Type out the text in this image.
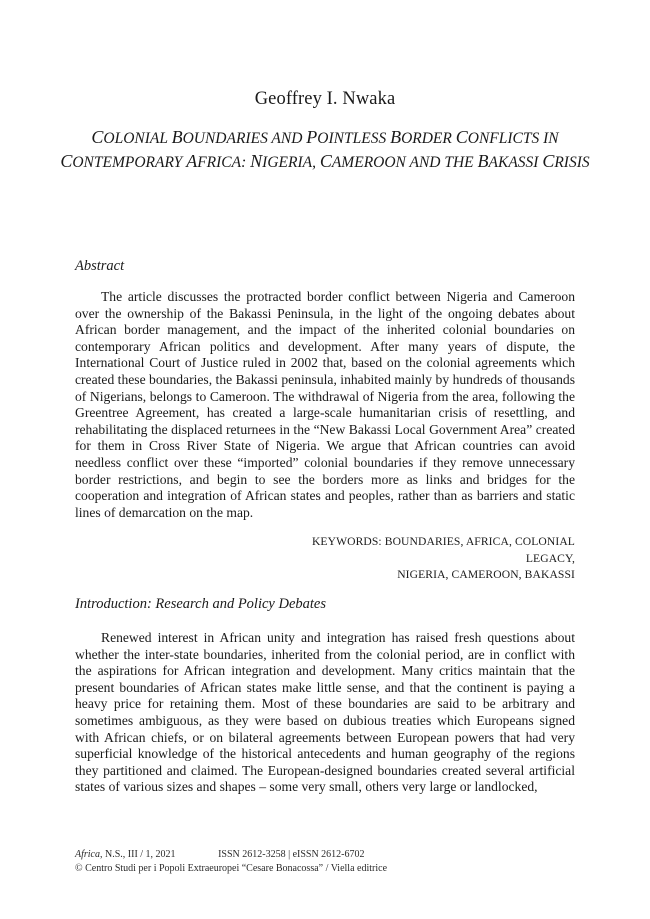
Geoffrey I. Nwaka
COLONIAL BOUNDARIES AND POINTLESS BORDER CONFLICTS IN
CONTEMPORARY AFRICA: NIGERIA, CAMEROON AND THE BAKASSI CRISIS
Abstract

The article discusses the protracted border conflict between Nigeria and Cameroon over the ownership of the Bakassi Peninsula, in the light of the ongoing debates about African border management, and the impact of the inherited colonial boundaries on contemporary African politics and development. After many years of dispute, the International Court of Justice ruled in 2002 that, based on the colonial agreements which created these boundaries, the Bakassi peninsula, inhabited mainly by hundreds of thousands of Nigerians, belongs to Cameroon. The withdrawal of Nigeria from the area, following the Greentree Agreement, has created a large-scale humanitarian crisis of resettling, and rehabilitating the displaced returnees in the “New Bakassi Local Government Area” created for them in Cross River State of Nigeria. We argue that African countries can avoid needless conflict over these “imported” colonial boundaries if they remove unnecessary border restrictions, and begin to see the borders more as links and bridges for the cooperation and integration of African states and peoples, rather than as barriers and static lines of demarcation on the map.

KEYWORDS: BOUNDARIES, AFRICA, COLONIAL LEGACY,
NIGERIA, CAMEROON, BAKASSI
Introduction: Research and Policy Debates

Renewed interest in African unity and integration has raised fresh questions about whether the inter-state boundaries, inherited from the colonial period, are in conflict with the aspirations for African integration and development. Many critics maintain that the present boundaries of African states make little sense, and that the continent is paying a heavy price for retaining them. Most of these boundaries are said to be arbitrary and sometimes ambiguous, as they were based on dubious treaties which Europeans signed with African chiefs, or on bilateral agreements between European powers that had very superficial knowledge of the historical antecedents and human geography of the regions they partitioned and claimed. The European-designed boundaries created several artificial states of various sizes and shapes – some very small, others very large or landlocked,

Africa, N.S., III / 1, 2021	ISSN 2612-3258 | eISSN 2612-6702
© Centro Studi per i Popoli Extraeuropei “Cesare Bonacossa” / Viella editrice
